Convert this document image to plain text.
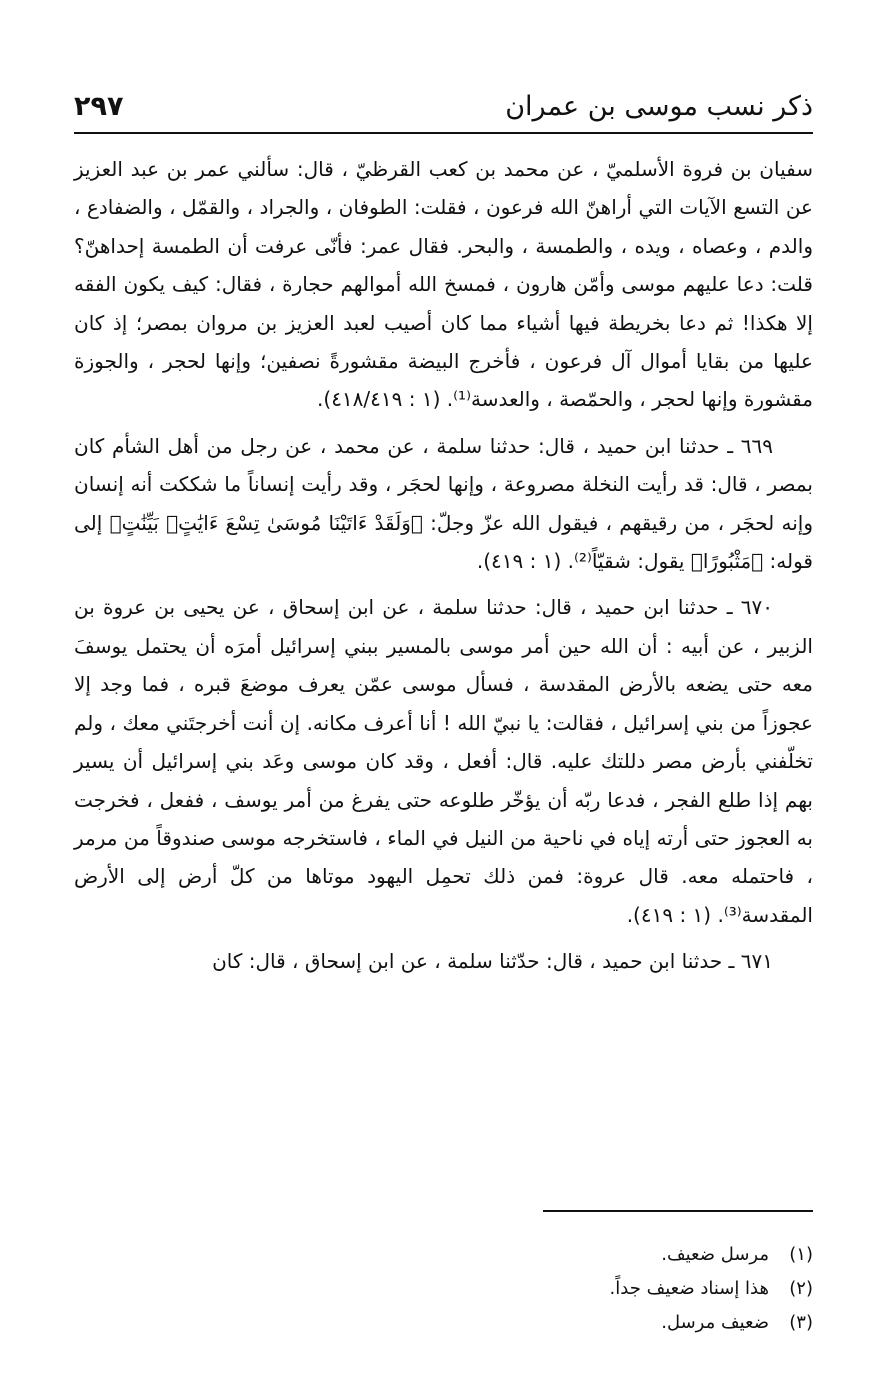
ذكر نسب موسى بن عمران
٢٩٧

سفيان بن فروة الأسلميّ ، عن محمد بن كعب القرظيّ ، قال: سألني عمر بن عبد العزيز عن التسع الآيات التي أراهنّ الله فرعون ، فقلت: الطوفان ، والجراد ، والقمّل ، والضفادع ، والدم ، وعصاه ، ويده ، والطمسة ، والبحر. فقال عمر: فأنّى عرفت أن الطمسة إحداهنّ؟ قلت: دعا عليهم موسى وأمّن هارون ، فمسخ الله أموالهم حجارة ، فقال: كيف يكون الفقه إلا هكذا! ثم دعا بخريطة فيها أشياء مما كان أصيب لعبد العزيز بن مروان بمصر؛ إذ كان عليها من بقايا أموال آل فرعون ، فأخرج البيضة مقشورةً نصفين؛ وإنها لحجر ، والجوزة مقشورة وإنها لحجر ، والحمّصة ، والعدسة⁽¹⁾. (١ : ٤١٨/٤١٩).

٦٦٩ ـ حدثنا ابن حميد ، قال: حدثنا سلمة ، عن محمد ، عن رجل من أهل الشأم كان بمصر ، قال: قد رأيت النخلة مصروعة ، وإنها لحجَر ، وقد رأيت إنساناً ما شككت أنه إنسان وإنه لحجَر ، من رقيقهم ، فيقول الله عزّ وجلّ: ﴿وَلَقَدْ ءَاتَيْنَا مُوسَىٰ تِسْعَ ءَايَٰتٍۭ بَيِّنَٰتٍ﴾ إلى قوله: ﴿مَثْبُورًا﴾ يقول: شقيّاً⁽²⁾. (١ : ٤١٩).

٦٧٠ ـ حدثنا ابن حميد ، قال: حدثنا سلمة ، عن ابن إسحاق ، عن يحيى بن عروة بن الزبير ، عن أبيه : أن الله حين أمر موسى بالمسير ببني إسرائيل أمرَه أن يحتمل يوسفَ معه حتى يضعه بالأرض المقدسة ، فسأل موسى عمّن يعرف موضعَ قبره ، فما وجد إلا عجوزاً من بني إسرائيل ، فقالت: يا نبيّ الله ! أنا أعرف مكانه. إن أنت أخرجتَني معك ، ولم تخلّفني بأرض مصر دللتك عليه. قال: أفعل ، وقد كان موسى وعَد بني إسرائيل أن يسير بهم إذا طلع الفجر ، فدعا ربّه أن يؤخّر طلوعه حتى يفرغ من أمر يوسف ، ففعل ، فخرجت به العجوز حتى أرته إياه في ناحية من النيل في الماء ، فاستخرجه موسى صندوقاً من مرمر ، فاحتمله معه. قال عروة: فمن ذلك تحمِل اليهود موتاها من كلّ أرض إلى الأرض المقدسة⁽³⁾. (١ : ٤١٩).

٦٧١ ـ حدثنا ابن حميد ، قال: حدّثنا سلمة ، عن ابن إسحاق ، قال: كان

(١)مرسل ضعيف.
(٢)هذا إسناد ضعيف جداً.
(٣)ضعيف مرسل.
